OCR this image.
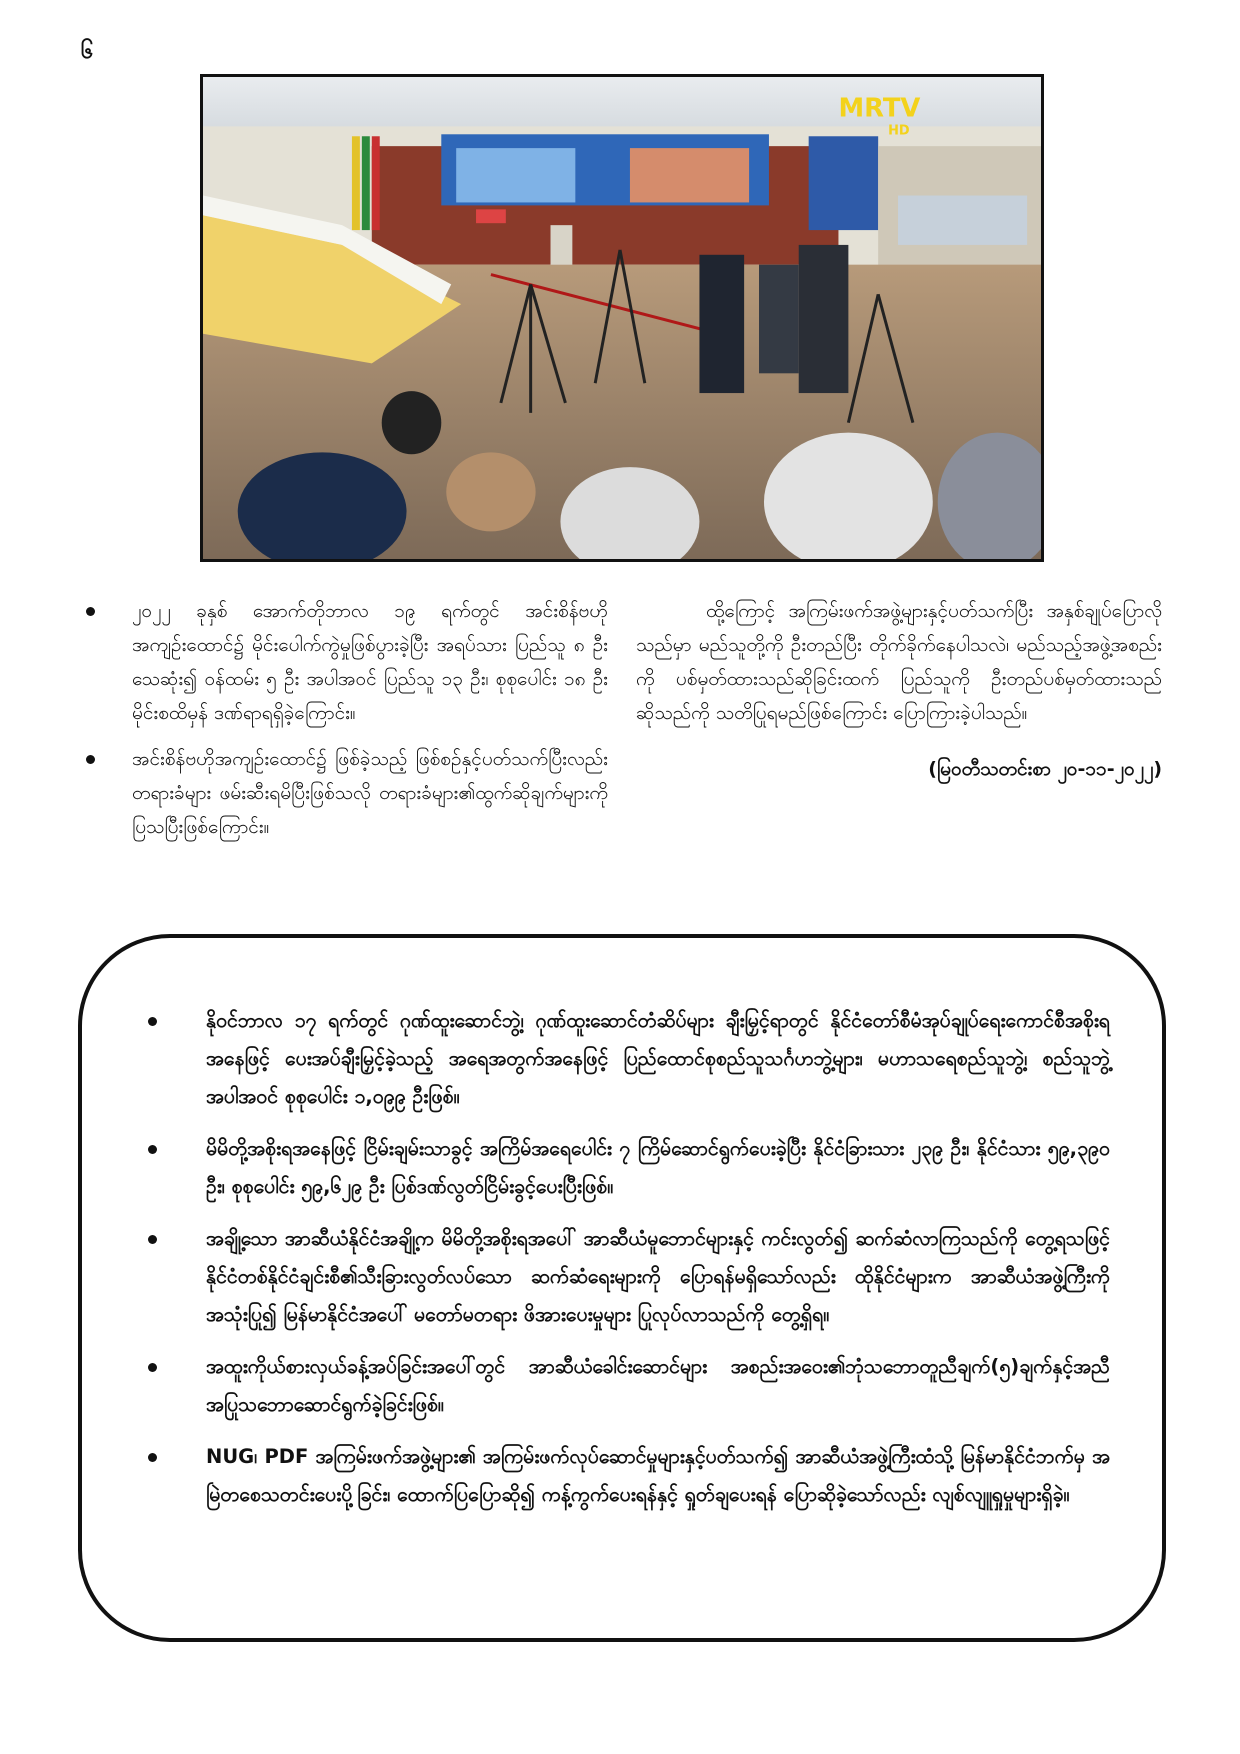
၆
MRTV
HD
၂၀၂၂ ခုနှစ် အောက်တိုဘာလ ၁၉ ရက်တွင် အင်းစိန်ဗဟို အကျဉ်းထောင်၌ မိုင်းပေါက်ကွဲမှုဖြစ်ပွားခဲ့ပြီး အရပ်သား ပြည်သူ ၈ ဦးသေဆုံး၍ ဝန်ထမ်း ၅ ဦး အပါအဝင် ပြည်သူ ၁၃ ဦး၊ စုစုပေါင်း ၁၈ ဦး မိုင်းစထိမှန် ဒဏ်ရာရရှိခဲ့ကြောင်း။
အင်းစိန်ဗဟိုအကျဉ်းထောင်၌ ဖြစ်ခဲ့သည့် ဖြစ်စဉ်နှင့်ပတ်သက်ပြီးလည်း တရားခံများ ဖမ်းဆီးရမိပြီးဖြစ်သလို တရားခံများ၏ထွက်ဆိုချက်များကို ပြသပြီးဖြစ်ကြောင်း။

ထို့ကြောင့် အကြမ်းဖက်အဖွဲ့များနှင့်ပတ်သက်ပြီး အနှစ်ချုပ်ပြောလိုသည်မှာ မည်သူတို့ကို ဦးတည်ပြီး တိုက်ခိုက်နေပါသလဲ၊ မည်သည့်အဖွဲ့အစည်းကို ပစ်မှတ်ထားသည်ဆိုခြင်းထက် ပြည်သူကို ဦးတည်ပစ်မှတ်ထားသည်ဆိုသည်ကို သတိပြုရမည်ဖြစ်ကြောင်း ပြောကြားခဲ့ပါသည်။

(မြဝတီသတင်းစာ ၂၀-၁၁-၂၀၂၂)

နိုဝင်ဘာလ ၁၇ ရက်တွင် ဂုဏ်ထူးဆောင်ဘွဲ့၊ ဂုဏ်ထူးဆောင်တံဆိပ်များ ချီးမြှင့်ရာတွင် နိုင်ငံတော်စီမံအုပ်ချုပ်ရေးကောင်စီအစိုးရအနေဖြင့် ပေးအပ်ချီးမြှင့်ခဲ့သည့် အရေအတွက်အနေဖြင့် ပြည်ထောင်စုစည်သူသင်္ဂဟဘွဲ့များ၊ မဟာသရေစည်သူဘွဲ့၊ စည်သူဘွဲ့အပါအဝင် စုစုပေါင်း ၁,၀၉၉ ဦးဖြစ်။
မိမိတို့အစိုးရအနေဖြင့် ငြိမ်းချမ်းသာခွင့် အကြိမ်အရေပေါင်း ၇ ကြိမ်ဆောင်ရွက်ပေးခဲ့ပြီး နိုင်ငံခြားသား ၂၃၉ ဦး၊ နိုင်ငံသား ၅၉,၃၉၀ ဦး၊ စုစုပေါင်း ၅၉,၆၂၉ ဦး ပြစ်ဒဏ်လွတ်ငြိမ်းခွင့်ပေးပြီးဖြစ်။
အချို့သော အာဆီယံနိုင်ငံအချို့က မိမိတို့အစိုးရအပေါ် အာဆီယံမူဘောင်များနှင့် ကင်းလွတ်၍ ဆက်ဆံလာကြသည်ကို တွေ့ရသဖြင့် နိုင်ငံတစ်နိုင်ငံချင်းစီ၏သီးခြားလွတ်လပ်သော ဆက်ဆံရေးများကို ပြောရန်မရှိသော်လည်း ထိုနိုင်ငံများက အာဆီယံအဖွဲ့ကြီးကို အသုံးပြု၍ မြန်မာနိုင်ငံအပေါ် မတော်မတရား ဖိအားပေးမှုများ ပြုလုပ်လာသည်ကို တွေ့ရှိရ။
အထူးကိုယ်စားလှယ်ခန့်အပ်ခြင်းအပေါ်တွင် အာဆီယံခေါင်းဆောင်များ အစည်းအဝေး၏ဘုံသဘောတူညီချက်(၅)ချက်နှင့်အညီ အပြုသဘောဆောင်ရွက်ခဲ့ခြင်းဖြစ်။
NUG၊ PDF အကြမ်းဖက်အဖွဲ့များ၏ အကြမ်းဖက်လုပ်ဆောင်မှုများနှင့်ပတ်သက်၍ အာဆီယံအဖွဲ့ကြီးထံသို့ မြန်မာနိုင်ငံဘက်မှ အမြဲတစေသတင်းပေးပို့ခြင်း၊ ထောက်ပြပြောဆို၍ ကန့်ကွက်ပေးရန်နှင့် ရှုတ်ချပေးရန် ပြောဆိုခဲ့သော်လည်း လျစ်လျူရှုမှုများရှိခဲ့။
